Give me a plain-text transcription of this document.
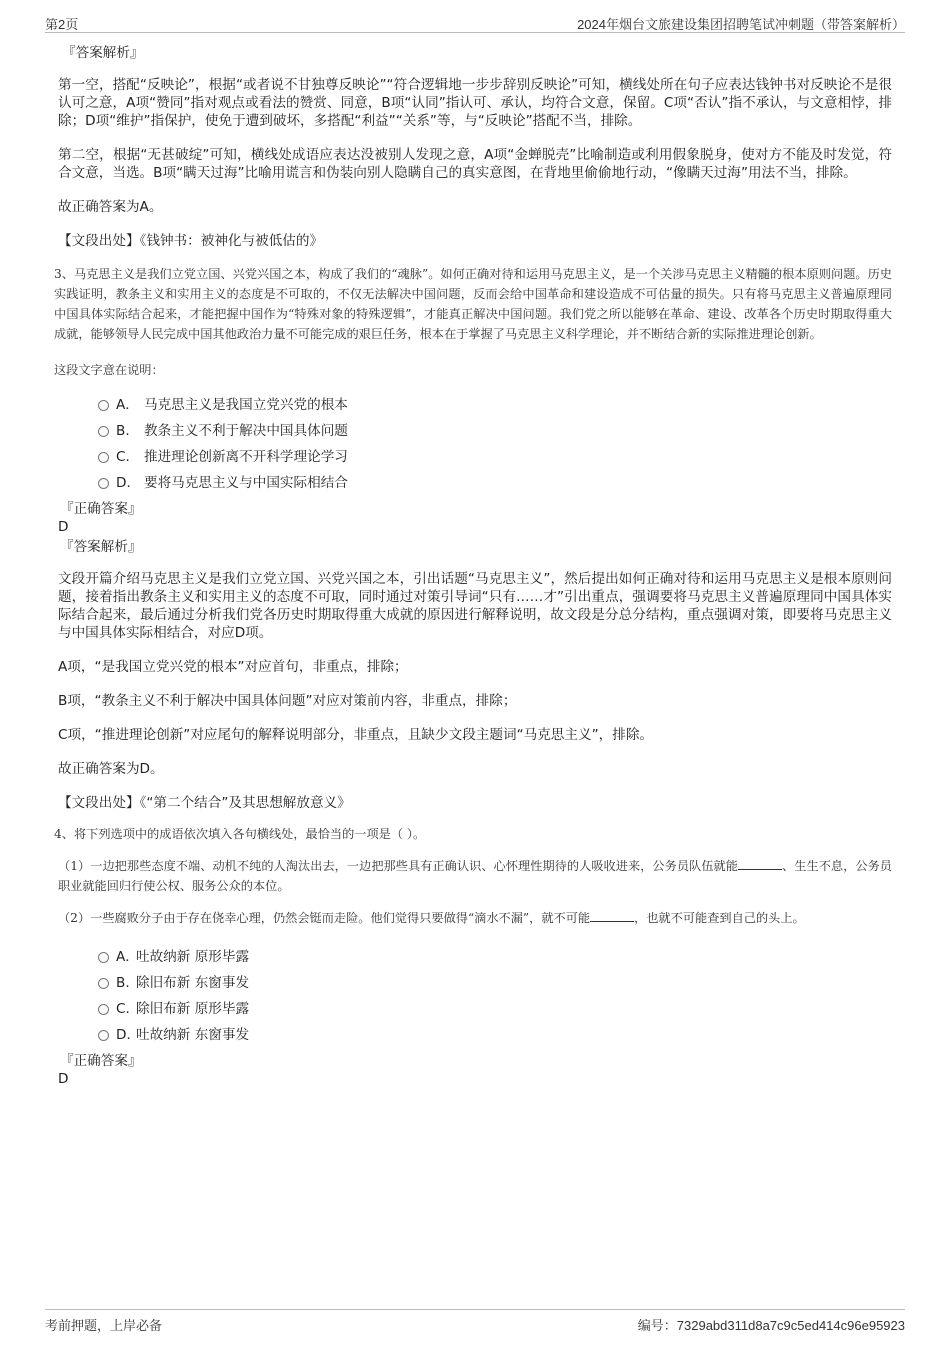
第2页	2024年烟台文旅建设集团招聘笔试冲刺题（带答案解析）

『答案解析』

第一空，搭配“反映论”，根据“或者说不甘独尊反映论”“符合逻辑地一步步辞别反映论”可知，横线处所在句子应表达钱钟书对反映论不是很认可之意，A项“赞同”指对观点或看法的赞赏、同意，B项“认同”指认可、承认，均符合文意，保留。C项“否认”指不承认，与文意相悖，排除；D项“维护”指保护，使免于遭到破坏，多搭配“利益”“关系”等，与“反映论”搭配不当，排除。

第二空，根据“无甚破绽”可知，横线处成语应表达没被别人发现之意，A项“金蝉脱壳”比喻制造或利用假象脱身，使对方不能及时发觉，符合文意，当选。B项“瞒天过海”比喻用谎言和伪装向别人隐瞒自己的真实意图，在背地里偷偷地行动，“像瞒天过海”用法不当，排除。

故正确答案为A。

【文段出处】《钱钟书：被神化与被低估的》

3、马克思主义是我们立党立国、兴党兴国之本，构成了我们的“魂脉”。如何正确对待和运用马克思主义，是一个关涉马克思主义精髓的根本原则问题。历史实践证明，教条主义和实用主义的态度是不可取的，不仅无法解决中国问题，反而会给中国革命和建设造成不可估量的损失。只有将马克思主义普遍原理同中国具体实际结合起来，才能把握中国作为“特殊对象的特殊逻辑”，才能真正解决中国问题。我们党之所以能够在革命、建设、改革各个历史时期取得重大成就，能够领导人民完成中国其他政治力量不可能完成的艰巨任务，根本在于掌握了马克思主义科学理论，并不断结合新的实际推进理论创新。

这段文字意在说明：

A． 马克思主义是我国立党兴党的根本
B． 教条主义不利于解决中国具体问题
C． 推进理论创新离不开科学理论学习
D． 要将马克思主义与中国实际相结合

『正确答案』

D

『答案解析』

文段开篇介绍马克思主义是我们立党立国、兴党兴国之本，引出话题“马克思主义”，然后提出如何正确对待和运用马克思主义是根本原则问题，接着指出教条主义和实用主义的态度不可取，同时通过对策引导词“只有……才”引出重点，强调要将马克思主义普遍原理同中国具体实际结合起来，最后通过分析我们党各历史时期取得重大成就的原因进行解释说明，故文段是分总分结构，重点强调对策，即要将马克思主义与中国具体实际相结合，对应D项。

A项，“是我国立党兴党的根本”对应首句，非重点，排除；

B项，“教条主义不利于解决中国具体问题”对应对策前内容，非重点，排除；

C项，“推进理论创新”对应尾句的解释说明部分，非重点，且缺少文段主题词“马克思主义”，排除。

故正确答案为D。

【文段出处】《“第二个结合”及其思想解放意义》

4、将下列选项中的成语依次填入各句横线处，最恰当的一项是（ ）。

（1）一边把那些态度不端、动机不纯的人淘汰出去，一边把那些具有正确认识、心怀理性期待的人吸收进来，公务员队伍就能	、生生不息，公务员职业就能回归行使公权、服务公众的本位。

（2）一些腐败分子由于存在侥幸心理，仍然会铤而走险。他们觉得只要做得“滴水不漏”，就不可能	，也就不可能查到自己的头上。

A．吐故纳新 原形毕露
B．除旧布新 东窗事发
C．除旧布新 原形毕露
D．吐故纳新 东窗事发

『正确答案』

D

考前押题，上岸必备	编号：7329abd311d8a7c9c5ed414c96e95923
